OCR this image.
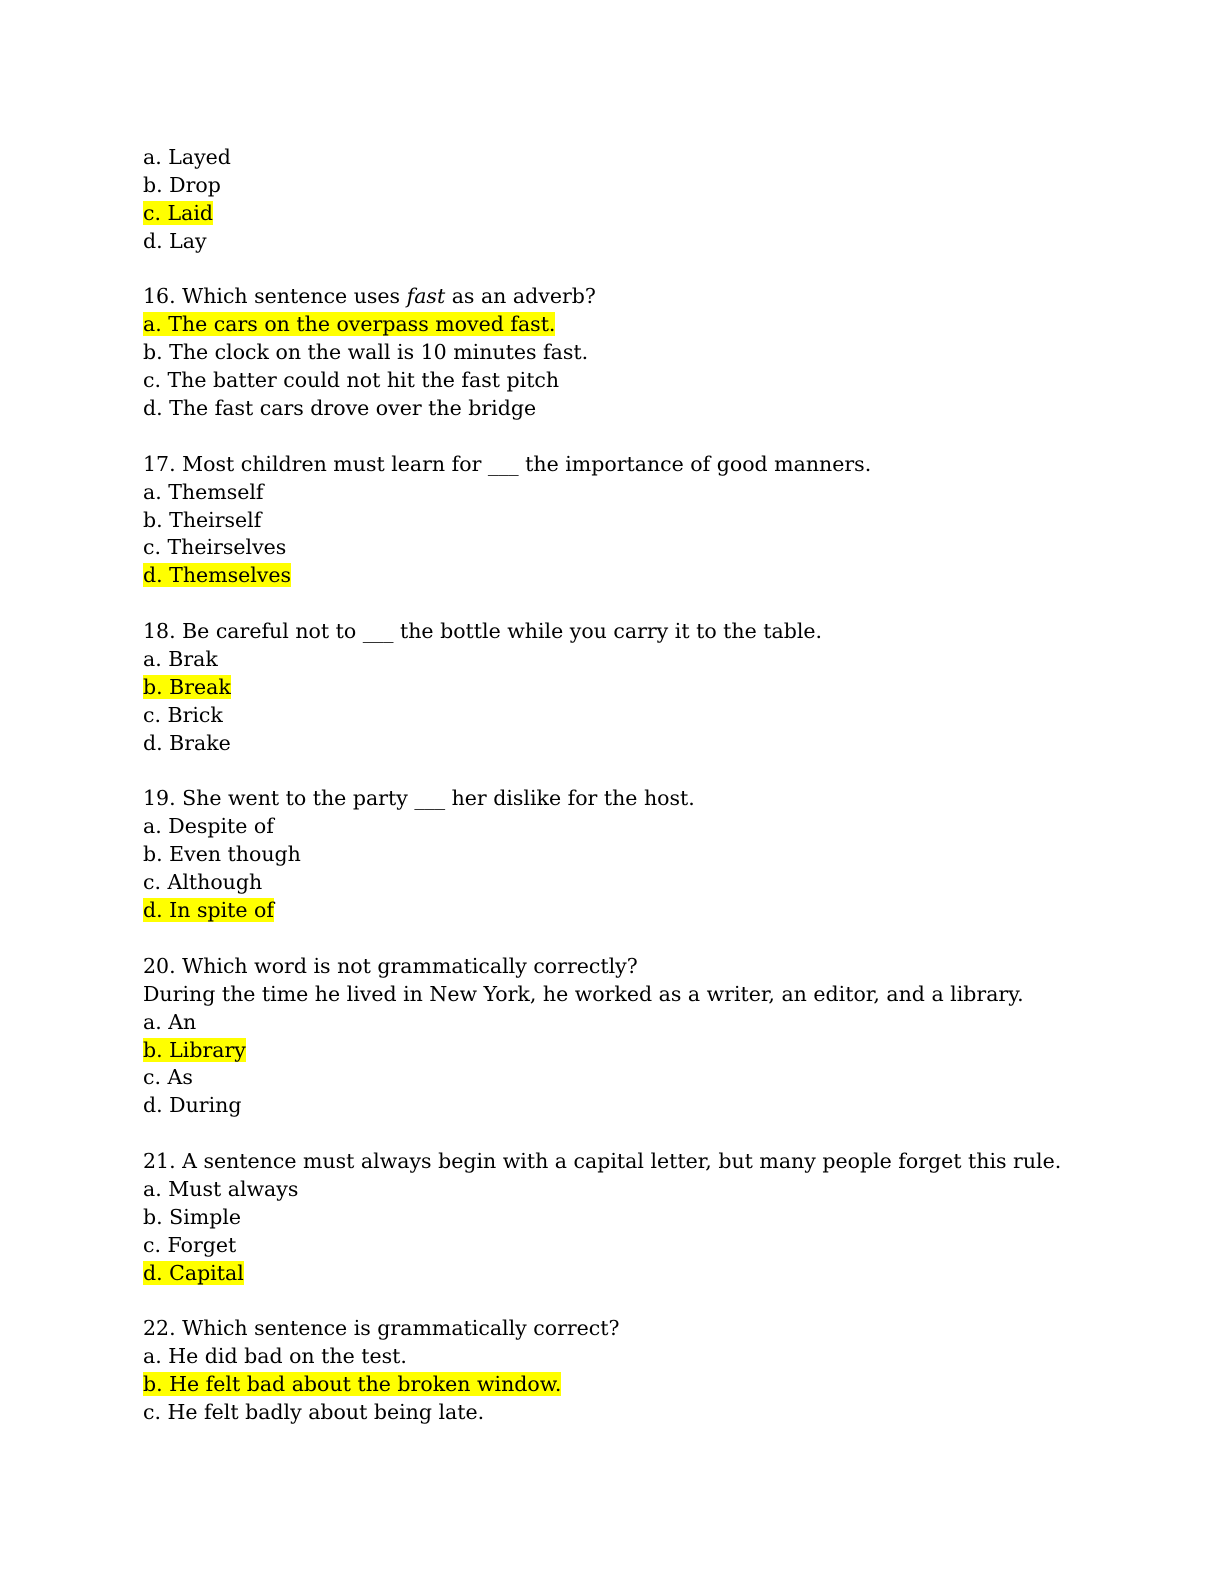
a. Layed
b. Drop
c. Laid
d. Lay
16. Which sentence uses fast as an adverb?
a. The cars on the overpass moved fast.
b. The clock on the wall is 10 minutes fast.
c. The batter could not hit the fast pitch
d. The fast cars drove over the bridge
17. Most children must learn for ___ the importance of good manners.
a. Themself
b. Theirself
c. Theirselves
d. Themselves
18. Be careful not to ___ the bottle while you carry it to the table.
a. Brak
b. Break
c. Brick
d. Brake
19. She went to the party ___ her dislike for the host.
a. Despite of
b. Even though
c. Although
d. In spite of
20. Which word is not grammatically correctly?
During the time he lived in New York, he worked as a writer, an editor, and a library.
a. An
b. Library
c. As
d. During
21. A sentence must always begin with a capital letter, but many people forget this rule.
a. Must always
b. Simple
c. Forget
d. Capital
22. Which sentence is grammatically correct?
a. He did bad on the test.
b. He felt bad about the broken window.
c. He felt badly about being late.
